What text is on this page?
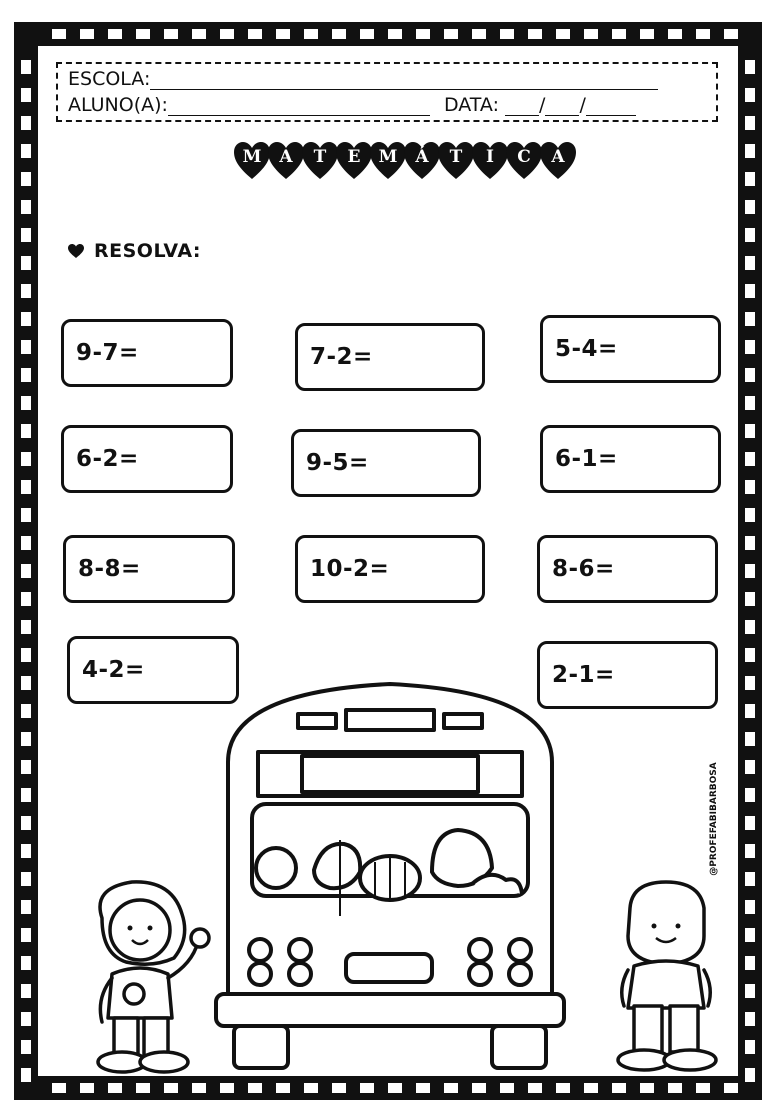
ESCOLA:
ALUNO(A):	DATA: / /
M	A	T	E	M	Á	T	I	C	A
RESOLVA:
9-7=	7-2=	5-4=
6-2=	9-5=	6-1=
8-8=	10-2=	8-6=
4-2=	2-1=
@PROFEFABIBARBOSA
